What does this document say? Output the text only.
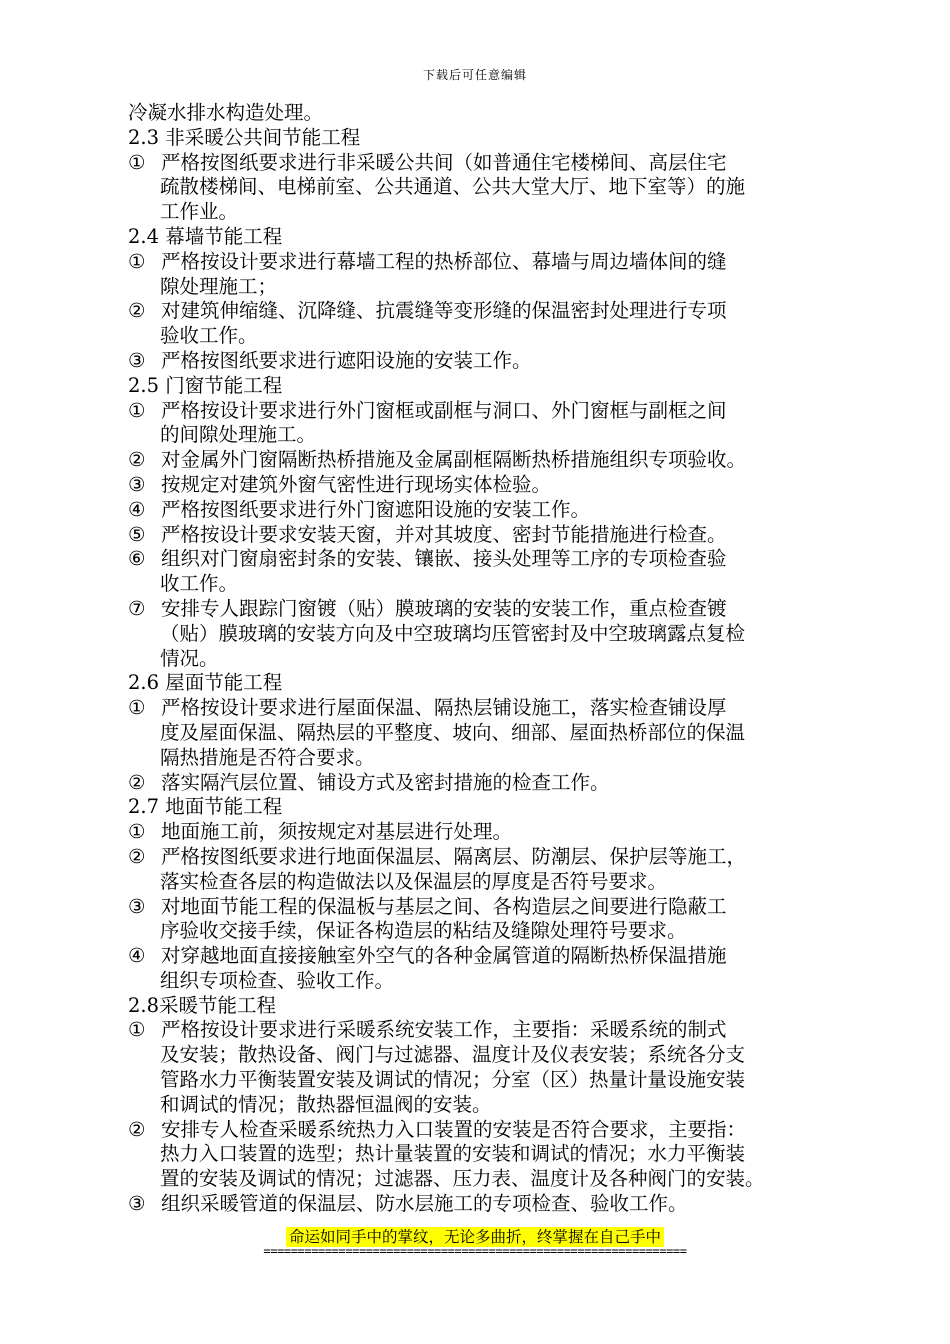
下载后可任意编辑
冷凝水排水构造处理。
2.3 非采暖公共间节能工程
① 严格按图纸要求进行非采暖公共间（如普通住宅楼梯间、高层住宅
疏散楼梯间、电梯前室、公共通道、公共大堂大厅、地下室等）的施
工作业。
2.4 幕墙节能工程
① 严格按设计要求进行幕墙工程的热桥部位、幕墙与周边墙体间的缝
隙处理施工；
② 对建筑伸缩缝、沉降缝、抗震缝等变形缝的保温密封处理进行专项
验收工作。
③ 严格按图纸要求进行遮阳设施的安装工作。
2.5 门窗节能工程
① 严格按设计要求进行外门窗框或副框与洞口、外门窗框与副框之间
的间隙处理施工。
② 对金属外门窗隔断热桥措施及金属副框隔断热桥措施组织专项验收。
③ 按规定对建筑外窗气密性进行现场实体检验。
④ 严格按图纸要求进行外门窗遮阳设施的安装工作。
⑤ 严格按设计要求安装天窗，并对其坡度、密封节能措施进行检查。
⑥ 组织对门窗扇密封条的安装、镶嵌、接头处理等工序的专项检查验
收工作。
⑦ 安排专人跟踪门窗镀（贴）膜玻璃的安装的安装工作，重点检查镀
（贴）膜玻璃的安装方向及中空玻璃均压管密封及中空玻璃露点复检
情况。
2.6 屋面节能工程
① 严格按设计要求进行屋面保温、隔热层铺设施工，落实检查铺设厚
度及屋面保温、隔热层的平整度、坡向、细部、屋面热桥部位的保温
隔热措施是否符合要求。
② 落实隔汽层位置、铺设方式及密封措施的检查工作。
2.7 地面节能工程
① 地面施工前，须按规定对基层进行处理。
② 严格按图纸要求进行地面保温层、隔离层、防潮层、保护层等施工，
落实检查各层的构造做法以及保温层的厚度是否符号要求。
③ 对地面节能工程的保温板与基层之间、各构造层之间要进行隐蔽工
序验收交接手续，保证各构造层的粘结及缝隙处理符号要求。
④ 对穿越地面直接接触室外空气的各种金属管道的隔断热桥保温措施
组织专项检查、验收工作。
2.8采暖节能工程
① 严格按设计要求进行采暖系统安装工作，主要指：采暖系统的制式
及安装；散热设备、阀门与过滤器、温度计及仪表安装；系统各分支
管路水力平衡装置安装及调试的情况；分室（区）热量计量设施安装
和调试的情况；散热器恒温阀的安装。
② 安排专人检查采暖系统热力入口装置的安装是否符合要求，主要指：
热力入口装置的选型；热计量装置的安装和调试的情况；水力平衡装
置的安装及调试的情况；过滤器、压力表、温度计及各种阀门的安装。
③ 组织采暖管道的保温层、防水层施工的专项检查、验收工作。
命运如同手中的掌纹，无论多曲折，终掌握在自己手中
==============================================================
